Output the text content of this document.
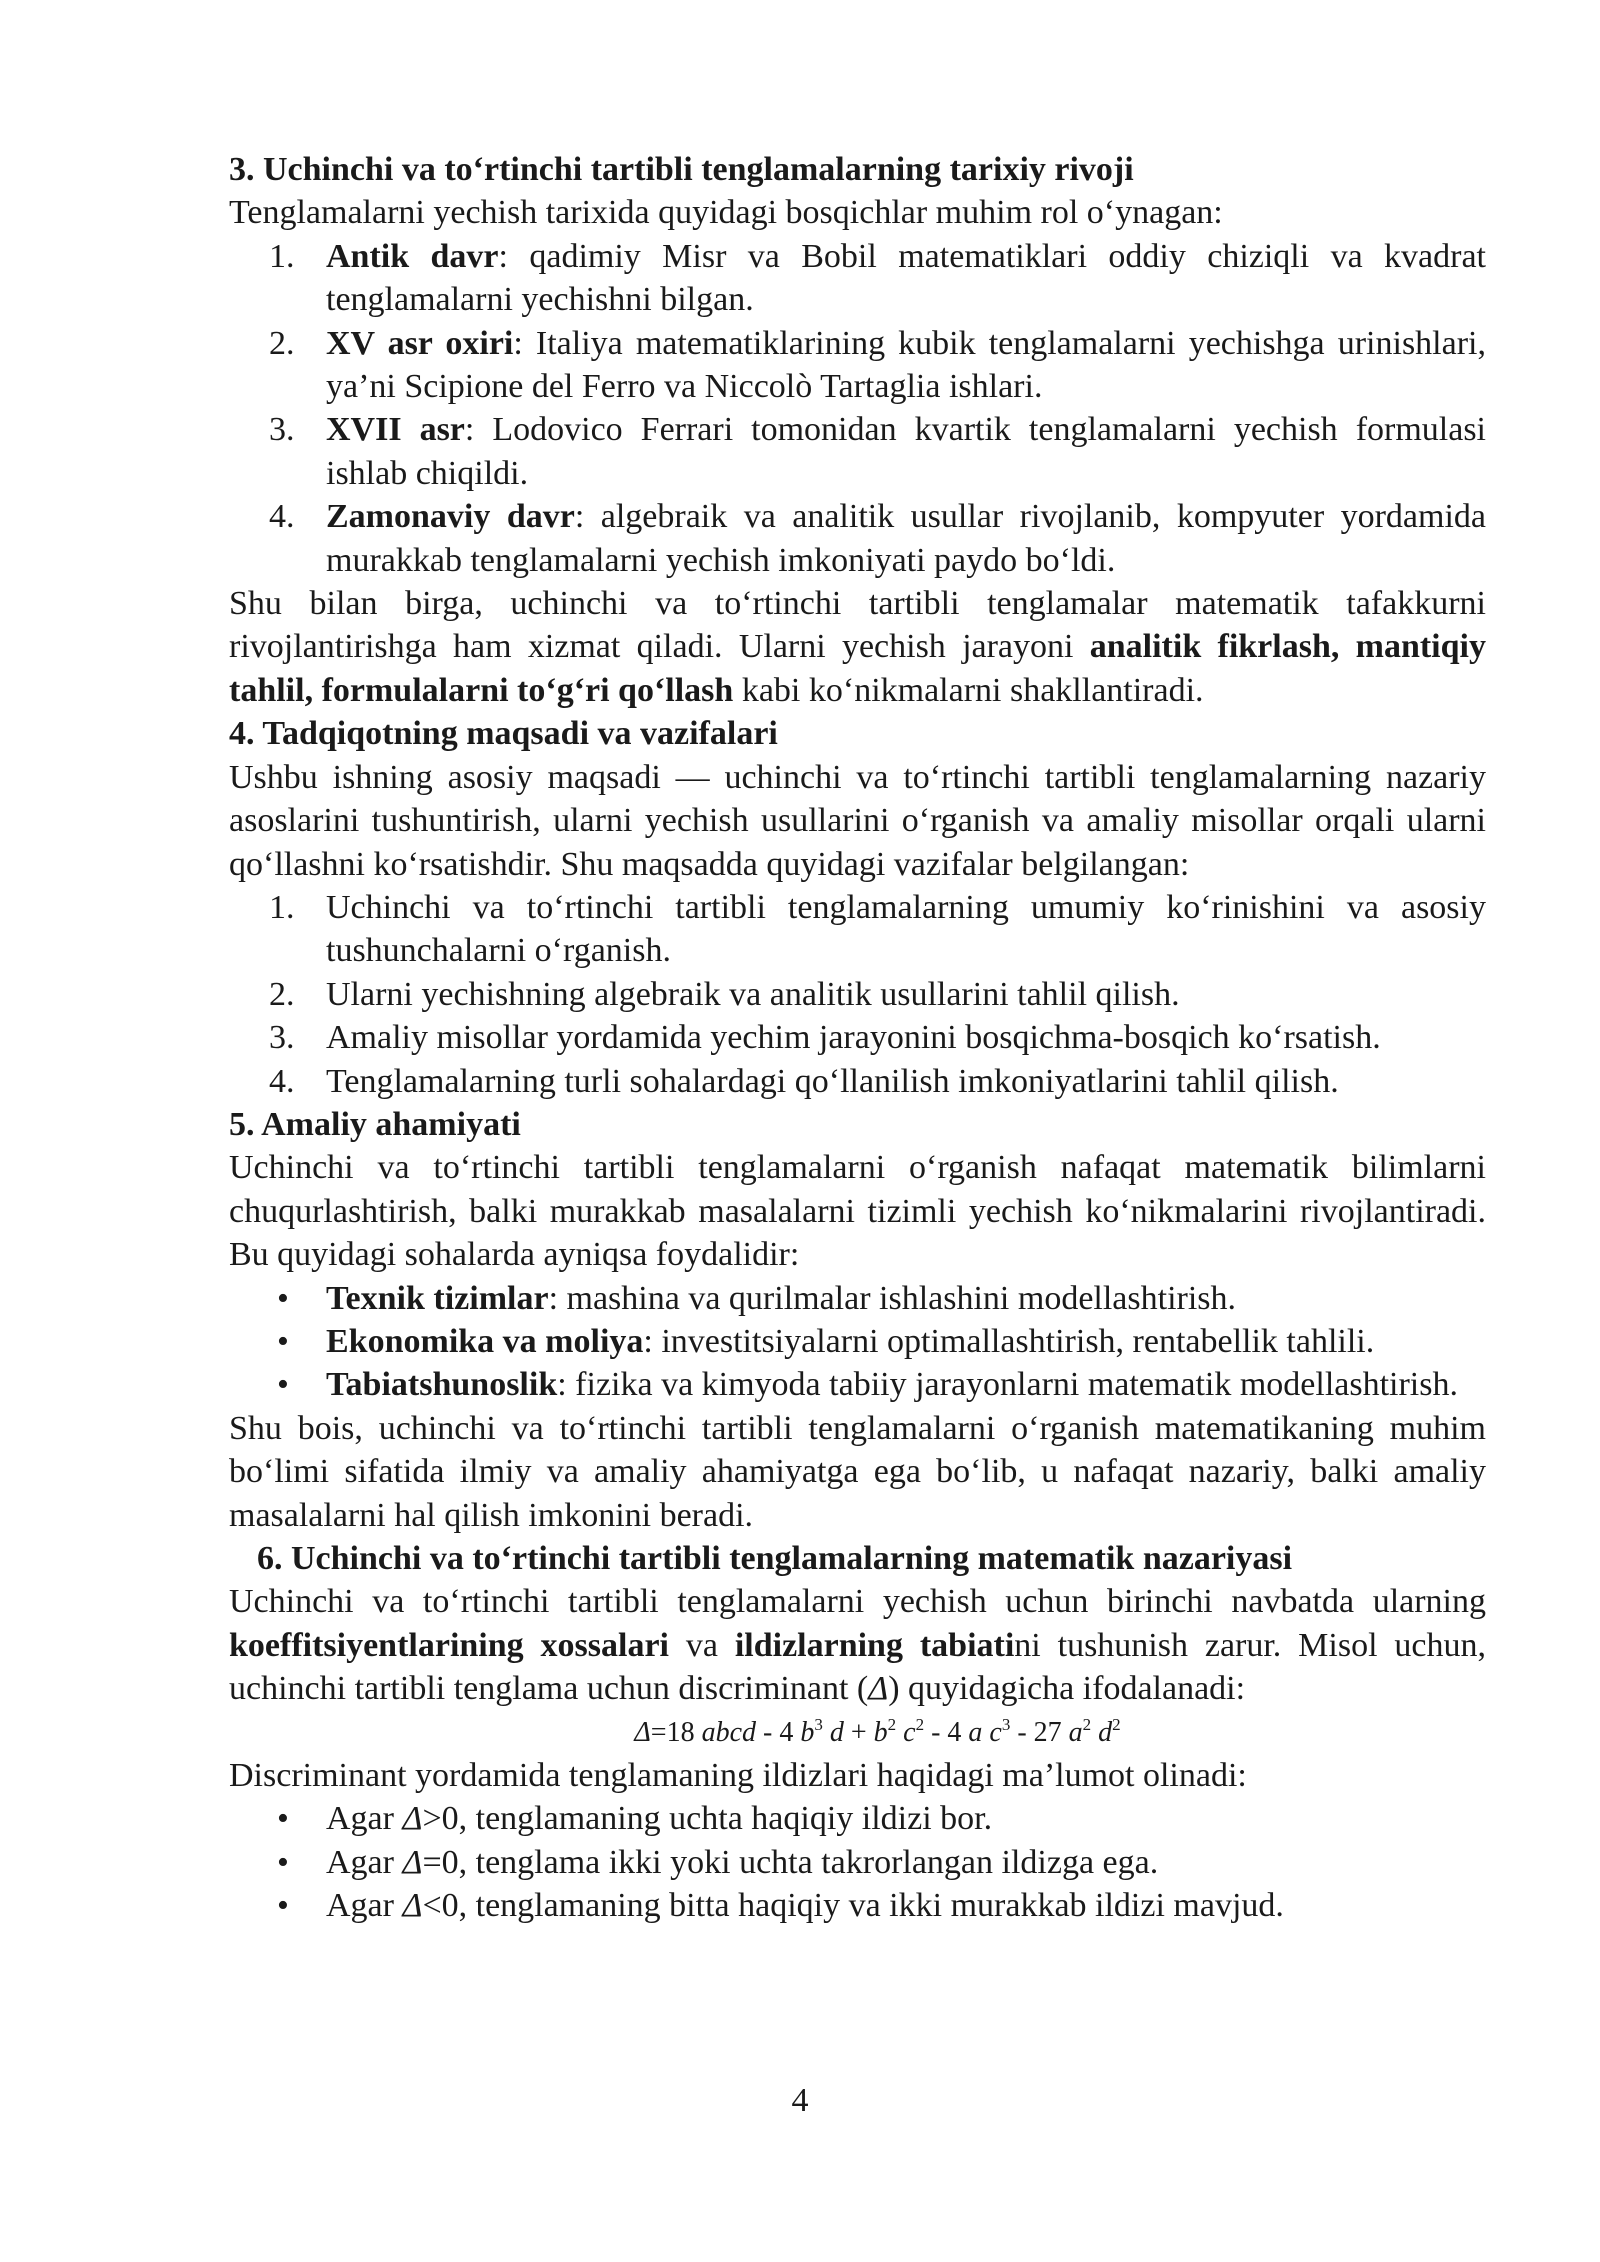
3. Uchinchi va to‘rtinchi tartibli tenglamalarning tarixiy rivoji

Tenglamalarni yechish tarixida quyidagi bosqichlar muhim rol o‘ynagan:

1. Antik davr: qadimiy Misr va Bobil matematiklari oddiy chiziqli va kvadrat tenglamalarni yechishni bilgan.
2. XV asr oxiri: Italiya matematiklarining kubik tenglamalarni yechishga urinishlari, ya’ni Scipione del Ferro va Niccolò Tartaglia ishlari.
3. XVII asr: Lodovico Ferrari tomonidan kvartik tenglamalarni yechish formulasi ishlab chiqildi.
4. Zamonaviy davr: algebraik va analitik usullar rivojlanib, kompyuter yordamida murakkab tenglamalarni yechish imkoniyati paydo bo‘ldi.

Shu bilan birga, uchinchi va to‘rtinchi tartibli tenglamalar matematik tafakkurni rivojlantirishga ham xizmat qiladi. Ularni yechish jarayoni analitik fikrlash, mantiqiy tahlil, formulalarni to‘g‘ri qo‘llash kabi ko‘nikmalarni shakllantiradi.

4. Tadqiqotning maqsadi va vazifalari

Ushbu ishning asosiy maqsadi — uchinchi va to‘rtinchi tartibli tenglamalarning nazariy asoslarini tushuntirish, ularni yechish usullarini o‘rganish va amaliy misollar orqali ularni qo‘llashni ko‘rsatishdir. Shu maqsadda quyidagi vazifalar belgilangan:

1. Uchinchi va to‘rtinchi tartibli tenglamalarning umumiy ko‘rinishini va asosiy tushunchalarni o‘rganish.
2. Ularni yechishning algebraik va analitik usullarini tahlil qilish.
3. Amaliy misollar yordamida yechim jarayonini bosqichma-bosqich ko‘rsatish.
4. Tenglamalarning turli sohalardagi qo‘llanilish imkoniyatlarini tahlil qilish.
5. Amaliy ahamiyati

Uchinchi va to‘rtinchi tartibli tenglamalarni o‘rganish nafaqat matematik bilimlarni chuqurlashtirish, balki murakkab masalalarni tizimli yechish ko‘nikmalarini rivojlantiradi. Bu quyidagi sohalarda ayniqsa foydalidir:

•	Texnik tizimlar: mashina va qurilmalar ishlashini modellashtirish.
•	Ekonomika va moliya: investitsiyalarni optimallashtirish, rentabellik tahlili.
•	Tabiatshunoslik: fizika va kimyoda tabiiy jarayonlarni matematik modellashtirish.

Shu bois, uchinchi va to‘rtinchi tartibli tenglamalarni o‘rganish matematikaning muhim bo‘limi sifatida ilmiy va amaliy ahamiyatga ega bo‘lib, u nafaqat nazariy, balki amaliy masalalarni hal qilish imkonini beradi.

6. Uchinchi va to‘rtinchi tartibli tenglamalarning matematik nazariyasi

Uchinchi va to‘rtinchi tartibli tenglamalarni yechish uchun birinchi navbatda ularning koeffitsiyentlarining xossalari va ildizlarning tabiatini tushunish zarur. Misol uchun, uchinchi tartibli tenglama uchun discriminant (Δ) quyidagicha ifodalanadi:

Δ=18 abcd - 4 $b^3$ $d + b^2$ $c^2 - 4$ a $c^3 - 27$ $a^2$ $d^2$

Discriminant yordamida tenglamaning ildizlari haqidagi ma’lumot olinadi:

•	Agar Δ>0, tenglamaning uchta haqiqiy ildizi bor.
•	Agar Δ=0, tenglama ikki yoki uchta takrorlangan ildizga ega.
•	Agar Δ<0, tenglamaning bitta haqiqiy va ikki murakkab ildizi mavjud.
4
